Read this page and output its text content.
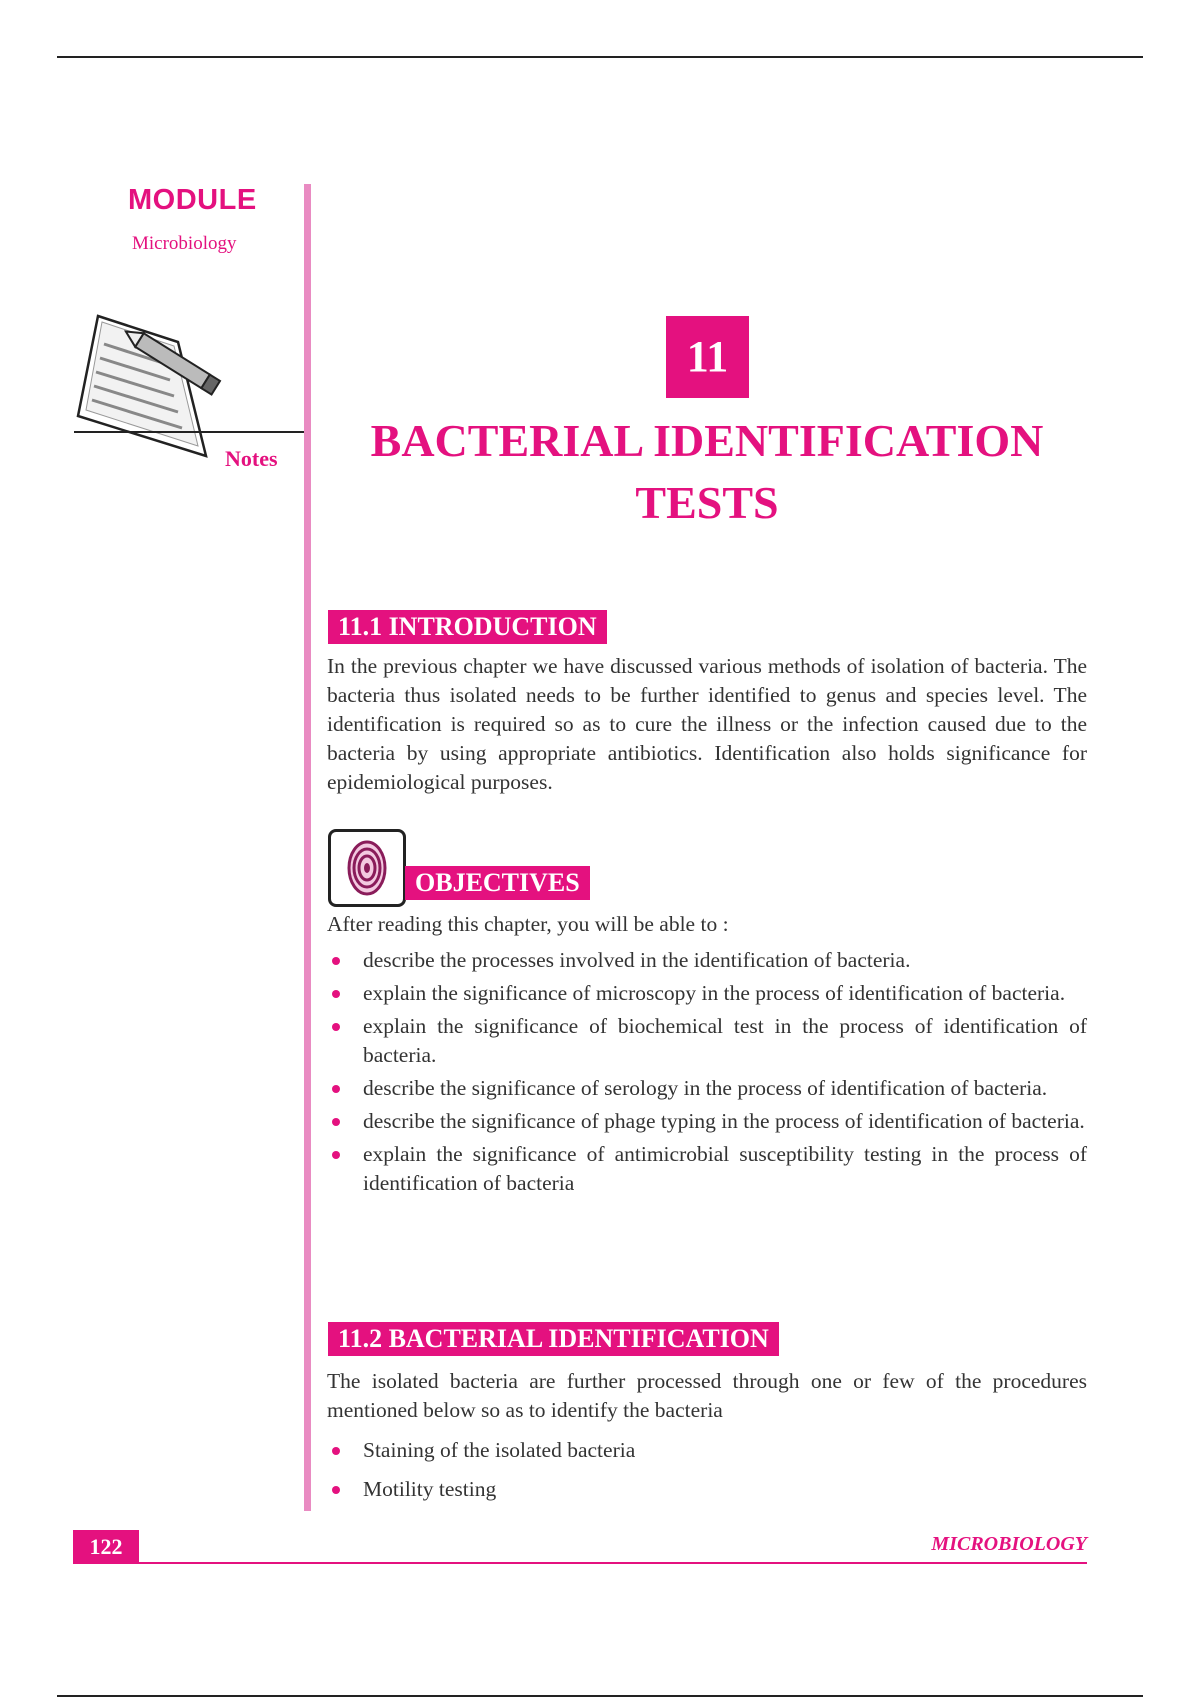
MODULE
Microbiology
Notes
11
BACTERIAL IDENTIFICATION
TESTS
11.1 INTRODUCTION

In the previous chapter we have discussed various methods of isolation of bacteria. The bacteria thus isolated needs to be further identified to genus and species level. The identification is required so as to cure the illness or the infection caused due to the bacteria by using appropriate antibiotics. Identification also holds significance for epidemiological purposes.

OBJECTIVES

After reading this chapter, you will be able to :

describe the processes involved in the identification of bacteria.
explain the significance of microscopy in the process of identification of bacteria.
explain the significance of biochemical test in the process of identification of bacteria.
describe the significance of serology in the process of identification of bacteria.
describe the significance of phage typing in the process of identification of bacteria.
explain the significance of antimicrobial susceptibility testing in the process of identification of bacteria
11.2 BACTERIAL IDENTIFICATION

The isolated bacteria are further processed through one or few of the procedures mentioned below so as to identify the bacteria

Staining of the isolated bacteria
Motility testing
122	MICROBIOLOGY
